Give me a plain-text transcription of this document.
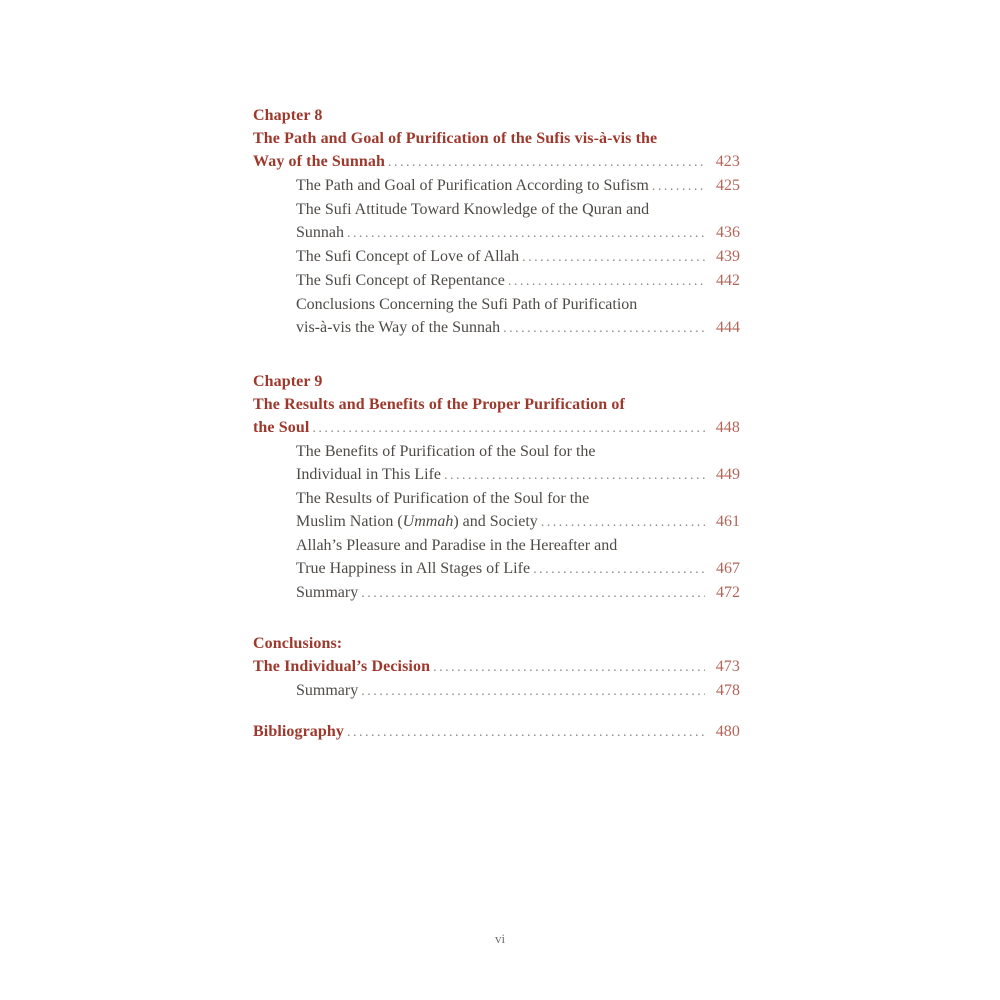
Chapter 8
The Path and Goal of Purification of the Sufis vis-à-vis the
Way of the Sunnah .....	423
The Path and Goal of Purification According to Sufism .....	425
The Sufi Attitude Toward Knowledge of the Quran and
Sunnah .....	436
The Sufi Concept of Love of Allah .....	439
The Sufi Concept of Repentance .....	442
Conclusions Concerning the Sufi Path of Purification
vis-à-vis the Way of the Sunnah .....	444
Chapter 9
The Results and Benefits of the Proper Purification of
the Soul .....	448
The Benefits of Purification of the Soul for the
Individual in This Life .....	449
The Results of Purification of the Soul for the
Muslim Nation (Ummah) and Society .....	461
Allah’s Pleasure and Paradise in the Hereafter and
True Happiness in All Stages of Life .....	467
Summary .....	472
Conclusions:
The Individual’s Decision .....	473
Summary .....	478
Bibliography .....	480
vi
